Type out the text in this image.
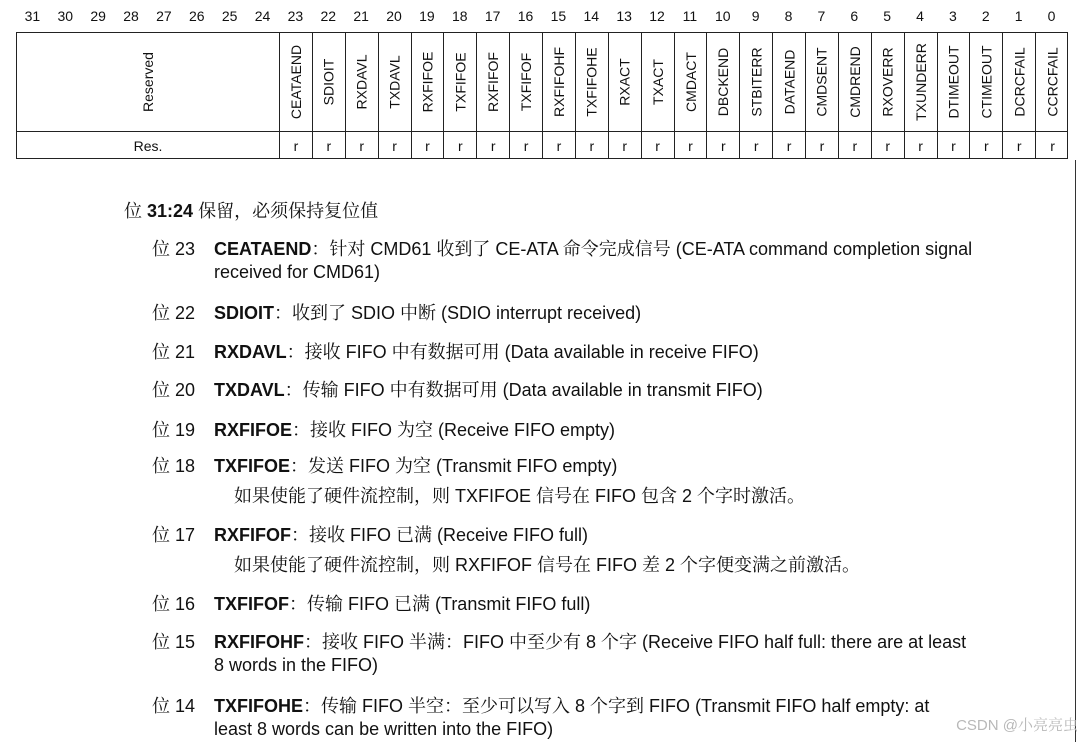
31	30	29	28	27	26	25	24	23	22	21	20	19	18	17	16	15	14	13	12	11	10	9	8	7	6	5	4	3	2	1	0
Reserved	CEATAEND SDIOIT RXDAVL TXDAVL RXFIFOE TXFIFOE RXFIFOF TXFIFOF RXFIFOHF TXFIFOHE RXACT TXACT CMDACT DBCKEND STBITERR DATAEND CMDSENT CMDREND RXOVERR TXUNDERR DTIMEOUT CTIMEOUT DCRCFAIL CCRCFAIL
Res.	r	r	r	r	r	r	r	r	r	r	r	r	r	r	r	r	r	r	r	r	r	r	r	r
位 31:24 保留，必须保持复位值
位 23 CEATAEND：针对 CMD61 收到了 CE-ATA 命令完成信号 (CE-ATA command completion signal
received for CMD61)
位 22 SDIOIT：收到了 SDIO 中断 (SDIO interrupt received)
位 21 RXDAVL：接收 FIFO 中有数据可用 (Data available in receive FIFO)
位 20 TXDAVL：传输 FIFO 中有数据可用 (Data available in transmit FIFO)
位 19 RXFIFOE：接收 FIFO 为空 (Receive FIFO empty)
位 18 TXFIFOE：发送 FIFO 为空 (Transmit FIFO empty)
如果使能了硬件流控制，则 TXFIFOE 信号在 FIFO 包含 2 个字时激活。
位 17 RXFIFOF：接收 FIFO 已满 (Receive FIFO full)
如果使能了硬件流控制，则 RXFIFOF 信号在 FIFO 差 2 个字便变满之前激活。
位 16 TXFIFOF：传输 FIFO 已满 (Transmit FIFO full)
位 15 RXFIFOHF：接收 FIFO 半满：FIFO 中至少有 8 个字 (Receive FIFO half full: there are at least
8 words in the FIFO)
位 14 TXFIFOHE：传输 FIFO 半空：至少可以写入 8 个字到 FIFO (Transmit FIFO half empty: at
least 8 words can be written into the FIFO)	CSDN @小亮亮虫
